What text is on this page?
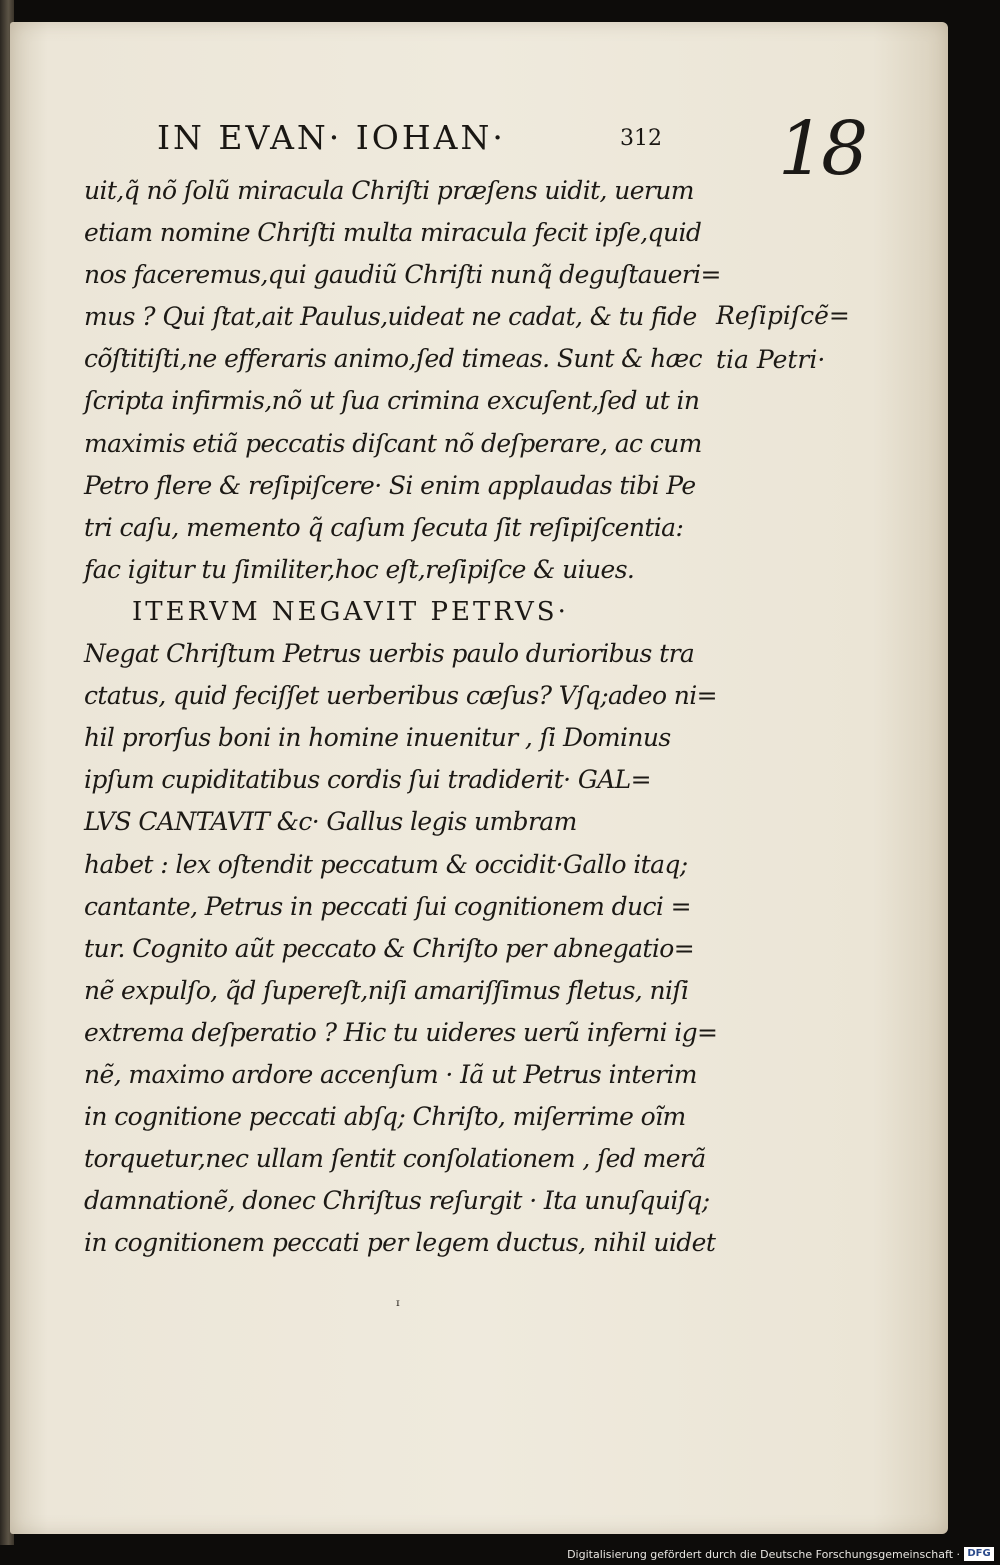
IN EVAN· IOHAN·	312 18
uit,q̃ nõ ſolũ miracula Chriſti præſens uidit, uerum
etiam nomine Chriſti multa miracula fecit ipſe,quid
nos faceremus,qui gaudiũ Chriſti nunq̃ deguſtaueri=
mus ? Qui ſtat,ait Paulus,uideat ne cadat, & tu fide
cõſtitiſti,ne efferaris animo,ſed timeas. Sunt & hæc
ſcripta infirmis,nõ ut ſua crimina excuſent,ſed ut in
maximis etiã peccatis diſcant nõ deſperare, ac cum
Petro flere & reſipiſcere· Si enim applaudas tibi Pe
tri caſu, memento q̃ caſum ſecuta ſit reſipiſcentia:
fac igitur tu ſimiliter,hoc eſt,reſipiſce & uiues.
ITERVM NEGAVIT PETRVS·
Negat Chriſtum Petrus uerbis paulo durioribus tra
ctatus, quid feciſſet uerberibus cæſus? Vſq;adeo ni=
hil prorſus boni in homine inuenitur , ſi Dominus
ipſum cupiditatibus cordis ſui tradiderit· GAL=
LVS CANTAVIT &c· Gallus legis umbram
habet : lex oſtendit peccatum & occidit·Gallo itaq;
cantante, Petrus in peccati ſui cognitionem duci =
tur. Cognito aũt peccato & Chriſto per abnegatio=
nẽ expulſo, q̃d ſupereſt,niſi amariſſimus fletus, niſi
extrema deſperatio ? Hic tu uideres uerũ inferni ig=
nẽ, maximo ardore accenſum · Iã ut Petrus interim
in cognitione peccati abſq; Chriſto, miſerrime oĩm
torquetur,nec ullam ſentit conſolationem , ſed merã
damnationẽ, donec Chriſtus reſurgit · Ita unuſquiſq;
in cognitionem peccati per legem ductus, nihil uidet
Reſipiſcẽ=
tia Petri·
ᶦ
Digitalisierung gefördert durch die Deutsche Forschungsgemeinschaft · DFG
